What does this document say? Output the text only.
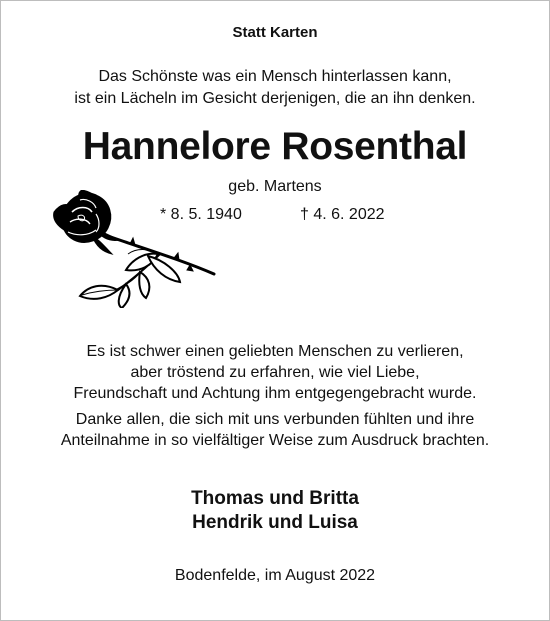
Statt Karten
Das Schönste was ein Mensch hinterlassen kann,
ist ein Lächeln im Gesicht derjenigen, die an ihn denken.
Hannelore Rosenthal
geb. Martens
* 8. 5. 1940	† 4. 6. 2022
Es ist schwer einen geliebten Menschen zu verlieren,
aber tröstend zu erfahren, wie viel Liebe,
Freundschaft und Achtung ihm entgegengebracht wurde.
Danke allen, die sich mit uns verbunden fühlten und ihre
Anteilnahme in so vielfältiger Weise zum Ausdruck brachten.
Thomas und Britta
Hendrik und Luisa
Bodenfelde, im August 2022
